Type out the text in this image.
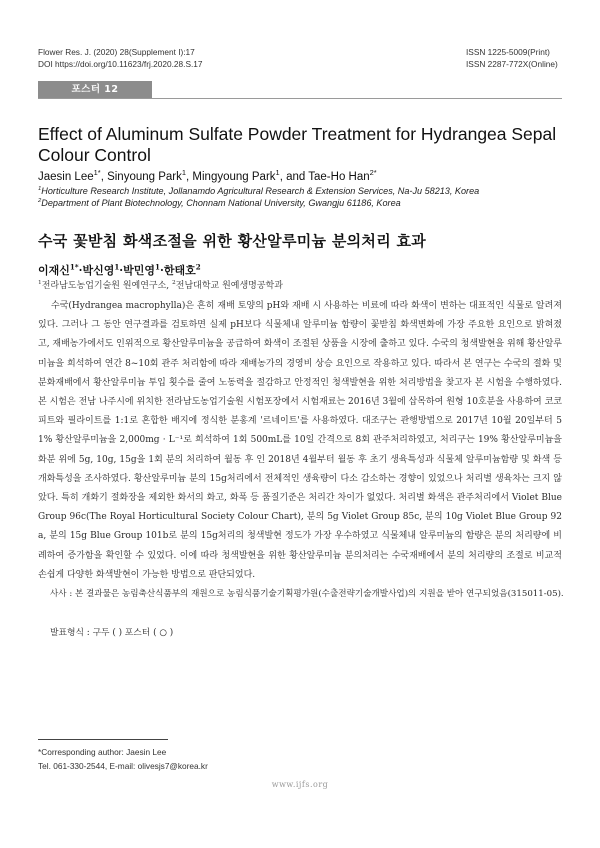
Flower Res. J. (2020) 28(Supplement I):17
DOI https://doi.org/10.11623/frj.2020.28.S.17
ISSN 1225-5009(Print)
ISSN 2287-772X(Online)
포스터 12
Effect of Aluminum Sulfate Powder Treatment for Hydrangea Sepal Colour Control
Jaesin Lee$^{1*}$, Sinyoung Park$^1$, Mingyoung Park$^1$, and Tae-Ho Han$^{2*}$
$^1$Horticulture Research Institute, Jollanamdo Agricultural Research & Extension Services, Na-Ju 58213, Korea
$^2$Department of Plant Biotechnology, Chonnam National University, Gwangju 61186, Korea
수국 꽃받침 화색조절을 위한 황산알루미늄 분의처리 효과
이재신$^{1*}$·박신영$^1$·박민영$^1$·한태호$^2$
$^1$전라남도농업기술원 원예연구소, $^2$전남대학교 원예생명공학과
수국(Hydrangea macrophylla)은 흔히 재배 토양의 pH와 재배 시 사용하는 비료에 따라 화색이 변하는 대표적인 식물로 알려져 있다. 그러나 그 동안 연구결과를 검토하면 실제 pH보다 식물체내 알루미늄 함량이 꽃받침 화색변화에 가장 주요한 요인으로 밝혀졌고, 재배농가에서도 인위적으로 황산알루미늄을 공급하여 화색이 조절된 상품을 시장에 출하고 있다. 수국의 청색발현을 위해 황산알루미늄을 희석하여 연간 8~10회 관주 처리함에 따라 재배농가의 경영비 상승 요인으로 작용하고 있다. 따라서 본 연구는 수국의 절화 및 분화재배에서 황산알루미늄 투입 횟수를 줄여 노동력을 절감하고 안정적인 청색발현을 위한 처리방법을 찾고자 본 시험을 수행하였다. 본 시험은 전남 나주시에 위치한 전라남도농업기술원 시험포장에서 시험재료는 2016년 3월에 삽목하여 원형 10호분을 사용하여 코코피트와 필라이트를 1:1로 혼합한 배지에 정식한 분홍계 '르네이트'를 사용하였다. 대조구는 관행방법으로 2017년 10월 20일부터 51% 황산알루미늄을 2,000mg · L⁻¹로 희석하여 1회 500mL를 10일 간격으로 8회 관주처리하였고, 처리구는 19% 황산알루미늄을 화분 위에 5g, 10g, 15g을 1회 분의 처리하여 월동 후 인 2018년 4월부터 월동 후 초기 생육특성과 식물체 알루미늄함량 및 화색 등 개화특성을 조사하였다. 황산알루미늄 분의 15g처리에서 전체적인 생육량이 다소 감소하는 경향이 있었으나 처리별 생육차는 크지 않았다. 특히 개화기 절화장을 제외한 화서의 화고, 화폭 등 품질기준은 처리간 차이가 없었다. 처리별 화색은 관주처리에서 Violet Blue Group 96c(The Royal Horticultural Society Colour Chart), 분의 5g Violet Group 85c, 분의 10g Violet Blue Group 92a, 분의 15g Blue Group 101b로 분의 15g처리의 청색발현 정도가 가장 우수하였고 식물체내 알루미늄의 함량은 분의 처리량에 비례하여 증가함을 확인할 수 있었다. 이에 따라 청색발현을 위한 황산알루미늄 분의처리는 수국재배에서 분의 처리량의 조절로 비교적 손쉽게 다양한 화색발현이 가능한 방법으로 판단되었다.
사사 : 본 결과물은 농림축산식품부의 재원으로 농림식품기술기획평가원(수출전략기술개발사업)의 지원을 받아 연구되었음(315011-05).
발표형식 : 구두 ( ) 포스터 ( ○ )
*Corresponding author: Jaesin Lee
Tel. 061-330-2544, E-mail: olivesjs7@korea.kr
www.ijfs.org
